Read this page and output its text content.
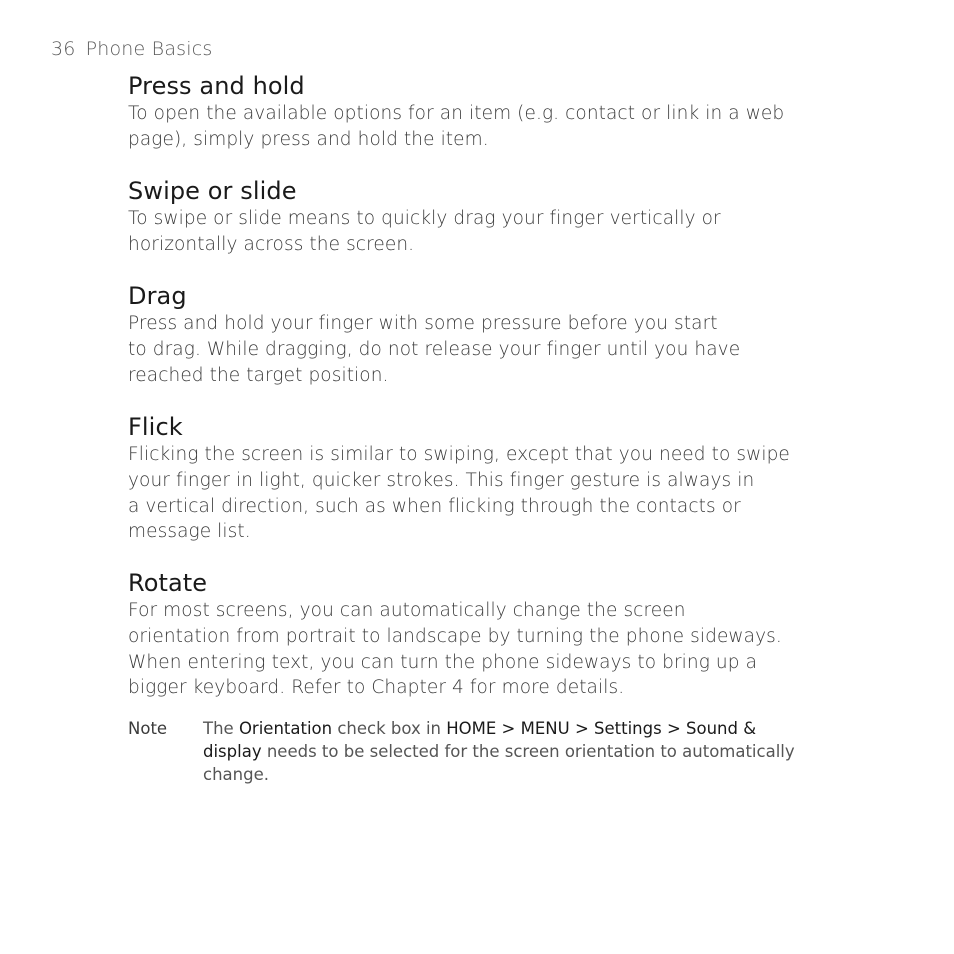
36 Phone Basics
Press and hold

To open the available options for an item (e.g. contact or link in a web
page), simply press and hold the item.

Swipe or slide

To swipe or slide means to quickly drag your finger vertically or
horizontally across the screen.

Drag

Press and hold your finger with some pressure before you start
to drag. While dragging, do not release your finger until you have
reached the target position.

Flick

Flicking the screen is similar to swiping, except that you need to swipe
your finger in light, quicker strokes. This finger gesture is always in
a vertical direction, such as when flicking through the contacts or
message list.

Rotate

For most screens, you can automatically change the screen
orientation from portrait to landscape by turning the phone sideways.
When entering text, you can turn the phone sideways to bring up a
bigger keyboard. Refer to Chapter 4 for more details.

Note The Orientation check box in HOME > MENU > Settings > Sound &
display needs to be selected for the screen orientation to automatically
change.
